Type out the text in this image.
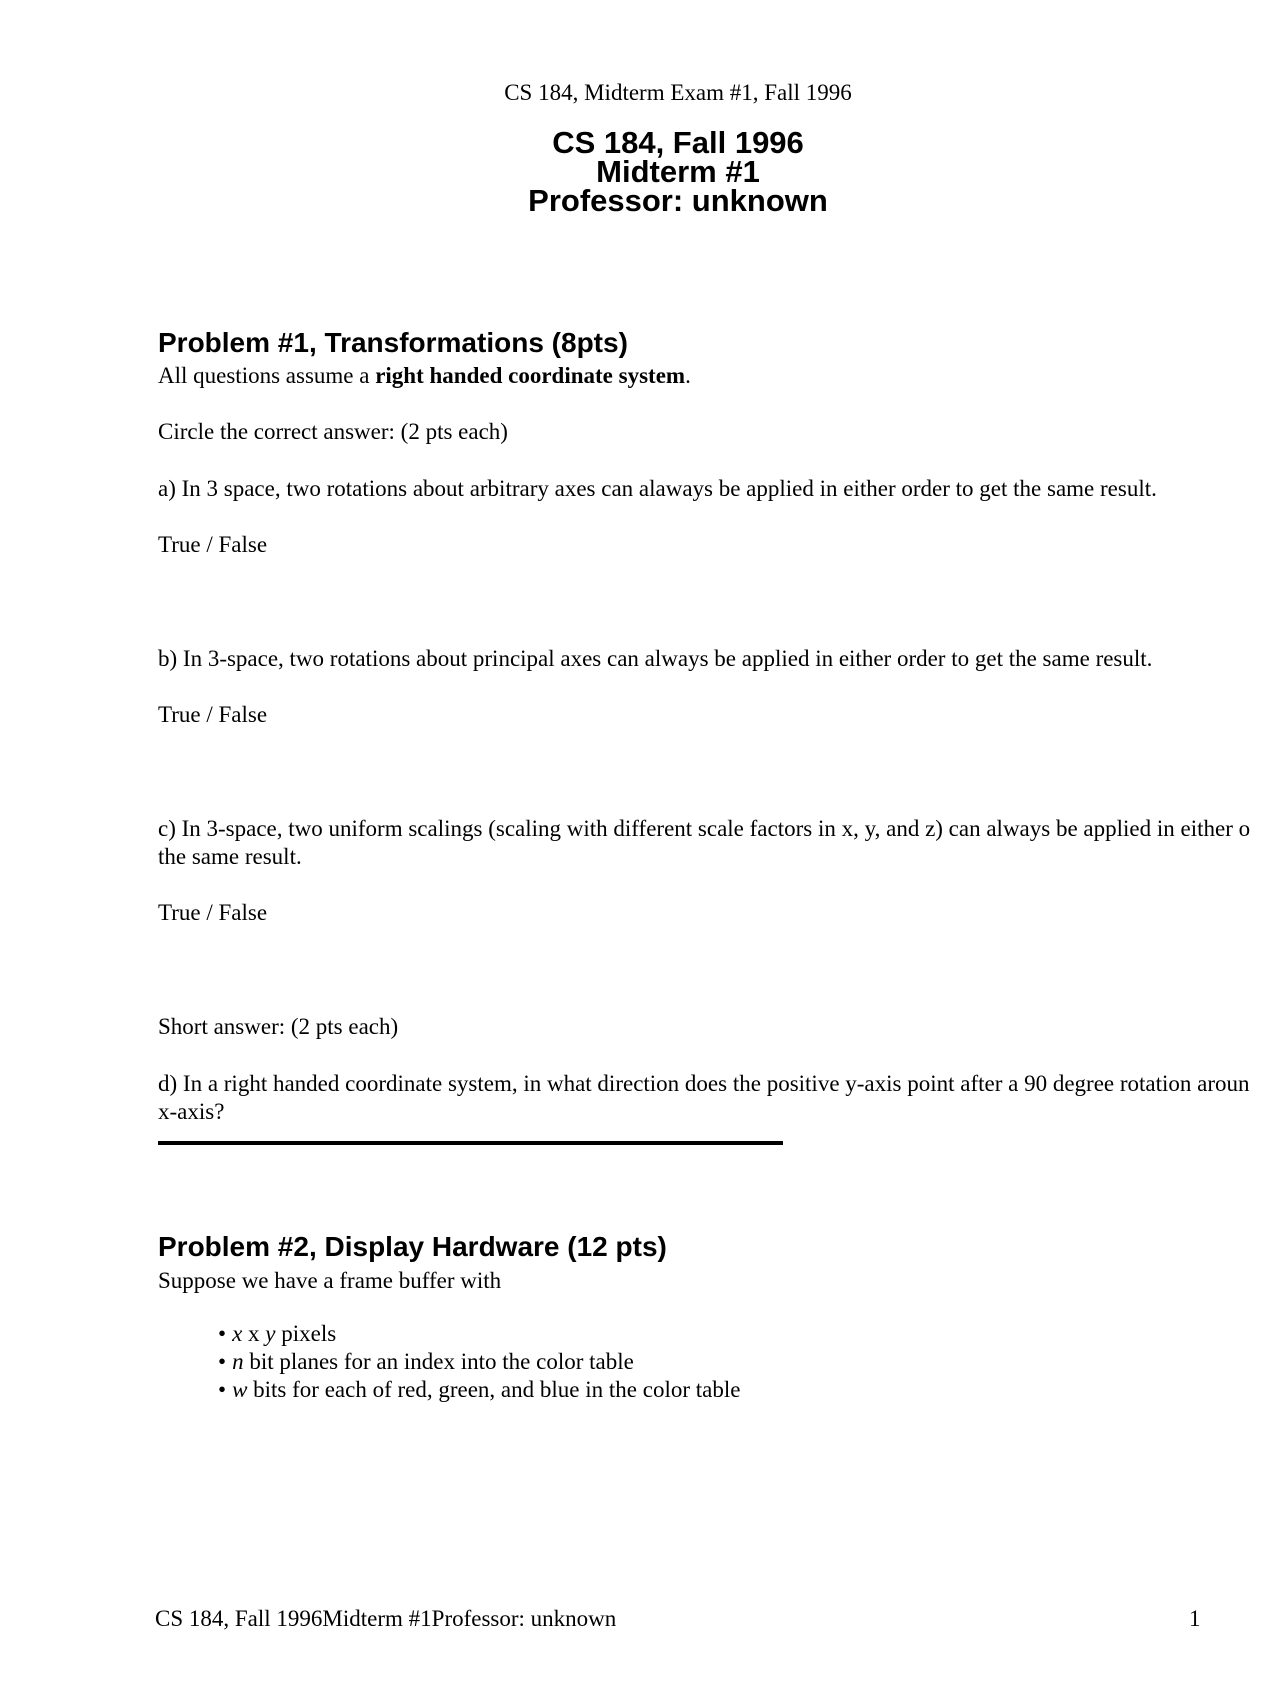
CS 184, Midterm Exam #1, Fall 1996

CS 184, Fall 1996
Midterm #1
Professor: unknown
Problem #1, Transformations (8pts)

All questions assume a right handed coordinate system.

Circle the correct answer: (2 pts each)

a) In 3 space, two rotations about arbitrary axes can alaways be applied in either order to get the same result.

True / False

b) In 3-space, two rotations about principal axes can always be applied in either order to get the same result.

True / False

c) In 3-space, two uniform scalings (scaling with different scale factors in x, y, and z) can always be applied in either o

the same result.

True / False

Short answer: (2 pts each)

d) In a right handed coordinate system, in what direction does the positive y-axis point after a 90 degree rotation aroun

x-axis?

Problem #2, Display Hardware (12 pts)

Suppose we have a frame buffer with

• x x y pixels
• n bit planes for an index into the color table
• w bits for each of red, green, and blue in the color table

CS 184, Fall 1996Midterm #1Professor: unknown	1
